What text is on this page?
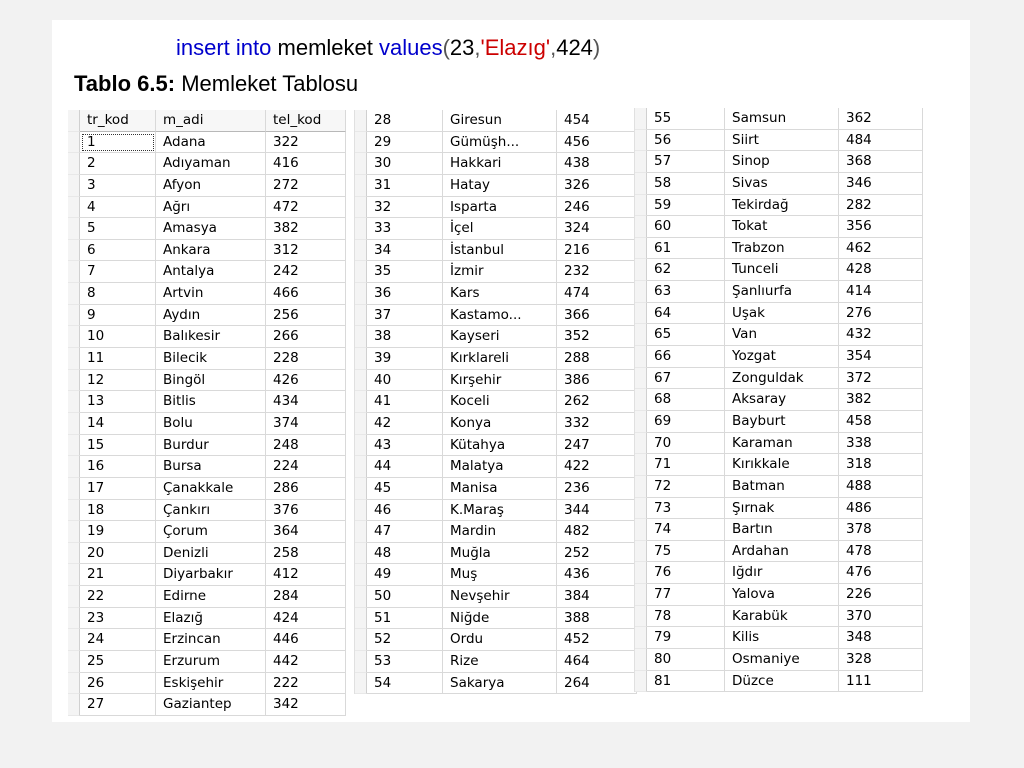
insert into memleket values(23,'Elazıg',424)
Tablo 6.5: Memleket Tablosu
tr_kod	m_adi	tel_kod
1	Adana	322
2	Adıyaman	416
3	Afyon	272
4	Ağrı	472
5	Amasya	382
6	Ankara	312
7	Antalya	242
8	Artvin	466
9	Aydın	256
10	Balıkesir	266
11	Bilecik	228
12	Bingöl	426
13	Bitlis	434
14	Bolu	374
15	Burdur	248
16	Bursa	224
17	Çanakkale	286
18	Çankırı	376
19	Çorum	364
20	Denizli	258
21	Diyarbakır	412
22	Edirne	284
23	Elazığ	424
24	Erzincan	446
25	Erzurum	442
26	Eskişehir	222
27	Gaziantep	342
28	Giresun	454
29	Gümüşh...	456
30	Hakkari	438
31	Hatay	326
32	Isparta	246
33	İçel	324
34	İstanbul	216
35	İzmir	232
36	Kars	474
37	Kastamo...	366
38	Kayseri	352
39	Kırklareli	288
40	Kırşehir	386
41	Koceli	262
42	Konya	332
43	Kütahya	247
44	Malatya	422
45	Manisa	236
46	K.Maraş	344
47	Mardin	482
48	Muğla	252
49	Muş	436
50	Nevşehir	384
51	Niğde	388
52	Ordu	452
53	Rize	464
54	Sakarya	264
55	Samsun	362
56	Siirt	484
57	Sinop	368
58	Sivas	346
59	Tekirdağ	282
60	Tokat	356
61	Trabzon	462
62	Tunceli	428
63	Şanlıurfa	414
64	Uşak	276
65	Van	432
66	Yozgat	354
67	Zonguldak	372
68	Aksaray	382
69	Bayburt	458
70	Karaman	338
71	Kırıkkale	318
72	Batman	488
73	Şırnak	486
74	Bartın	378
75	Ardahan	478
76	Iğdır	476
77	Yalova	226
78	Karabük	370
79	Kilis	348
80	Osmaniye	328
81	Düzce	111
